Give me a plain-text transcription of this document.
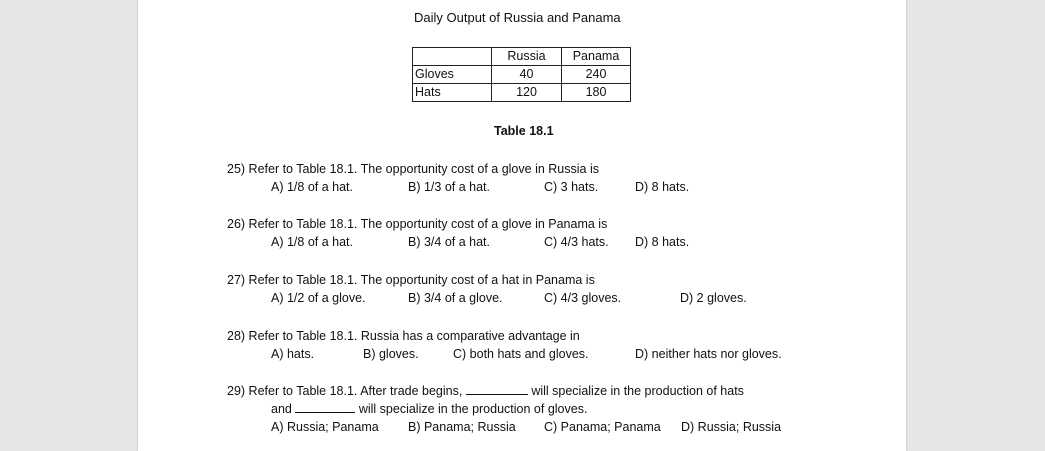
Daily Output of Russia and Panama
	Russia	Panama
Gloves	40	240
Hats	120	180
Table 18.1
25) Refer to Table 18.1. The opportunity cost of a glove in Russia is
A) 1/8 of a hat.	B) 1/3 of a hat.	C) 3 hats.	D) 8 hats.
26) Refer to Table 18.1. The opportunity cost of a glove in Panama is
A) 1/8 of a hat.	B) 3/4 of a hat.	C) 4/3 hats. D) 8 hats.
27) Refer to Table 18.1. The opportunity cost of a hat in Panama is
A) 1/2 of a glove.	B) 3/4 of a glove.	C) 4/3 gloves.	D) 2 gloves.
28) Refer to Table 18.1. Russia has a comparative advantage in
A) hats.	B) gloves.	C) both hats and gloves.	D) neither hats nor gloves.
29) Refer to Table 18.1. After trade begins,	will specialize in the production of hats
and	will specialize in the production of gloves.
A) Russia; Panama B) Panama; Russia C) Panama; Panama D) Russia; Russia
